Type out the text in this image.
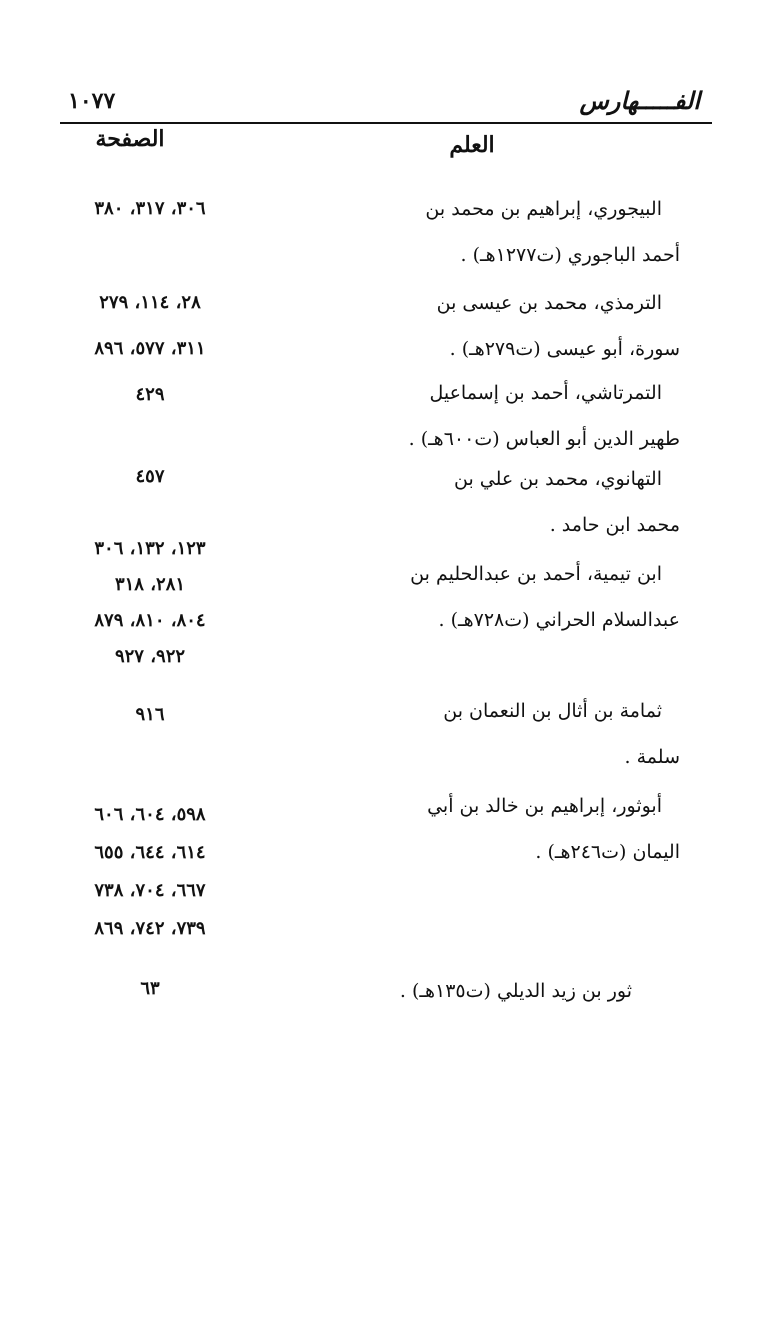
١٠٧٧	الفـــــهارس
العلم
الصفحة
البيجوري، إبراهيم بن محمد بن
أحمد الباجوري (ت١٢٧٧هـ) .
٣٠٦، ٣١٧، ٣٨٠
الترمذي، محمد بن عيسى بن
سورة، أبو عيسى (ت٢٧٩هـ) .
٢٨، ١١٤، ٢٧٩
٣١١، ٥٧٧، ٨٩٦
التمرتاشي، أحمد بن إسماعيل
طهير الدين أبو العباس (ت٦٠٠هـ) .
٤٢٩
التهانوي، محمد بن علي بن
محمد ابن حامد .
٤٥٧
ابن تيمية، أحمد بن عبدالحليم بن
عبدالسلام الحراني (ت٧٢٨هـ) .
١٢٣، ١٣٢، ٣٠٦
٢٨١، ٣١٨
٨٠٤، ٨١٠، ٨٧٩
٩٢٢، ٩٢٧
ثمامة بن أثال بن النعمان بن
سلمة .
٩١٦
أبوثور، إبراهيم بن خالد بن أبي
اليمان (ت٢٤٦هـ) .
٥٩٨، ٦٠٤، ٦٠٦
٦١٤، ٦٤٤، ٦٥٥
٦٦٧، ٧٠٤، ٧٣٨
٧٣٩، ٧٤٢، ٨٦٩
ثور بن زيد الديلي (ت١٣٥هـ) .
٦٣
